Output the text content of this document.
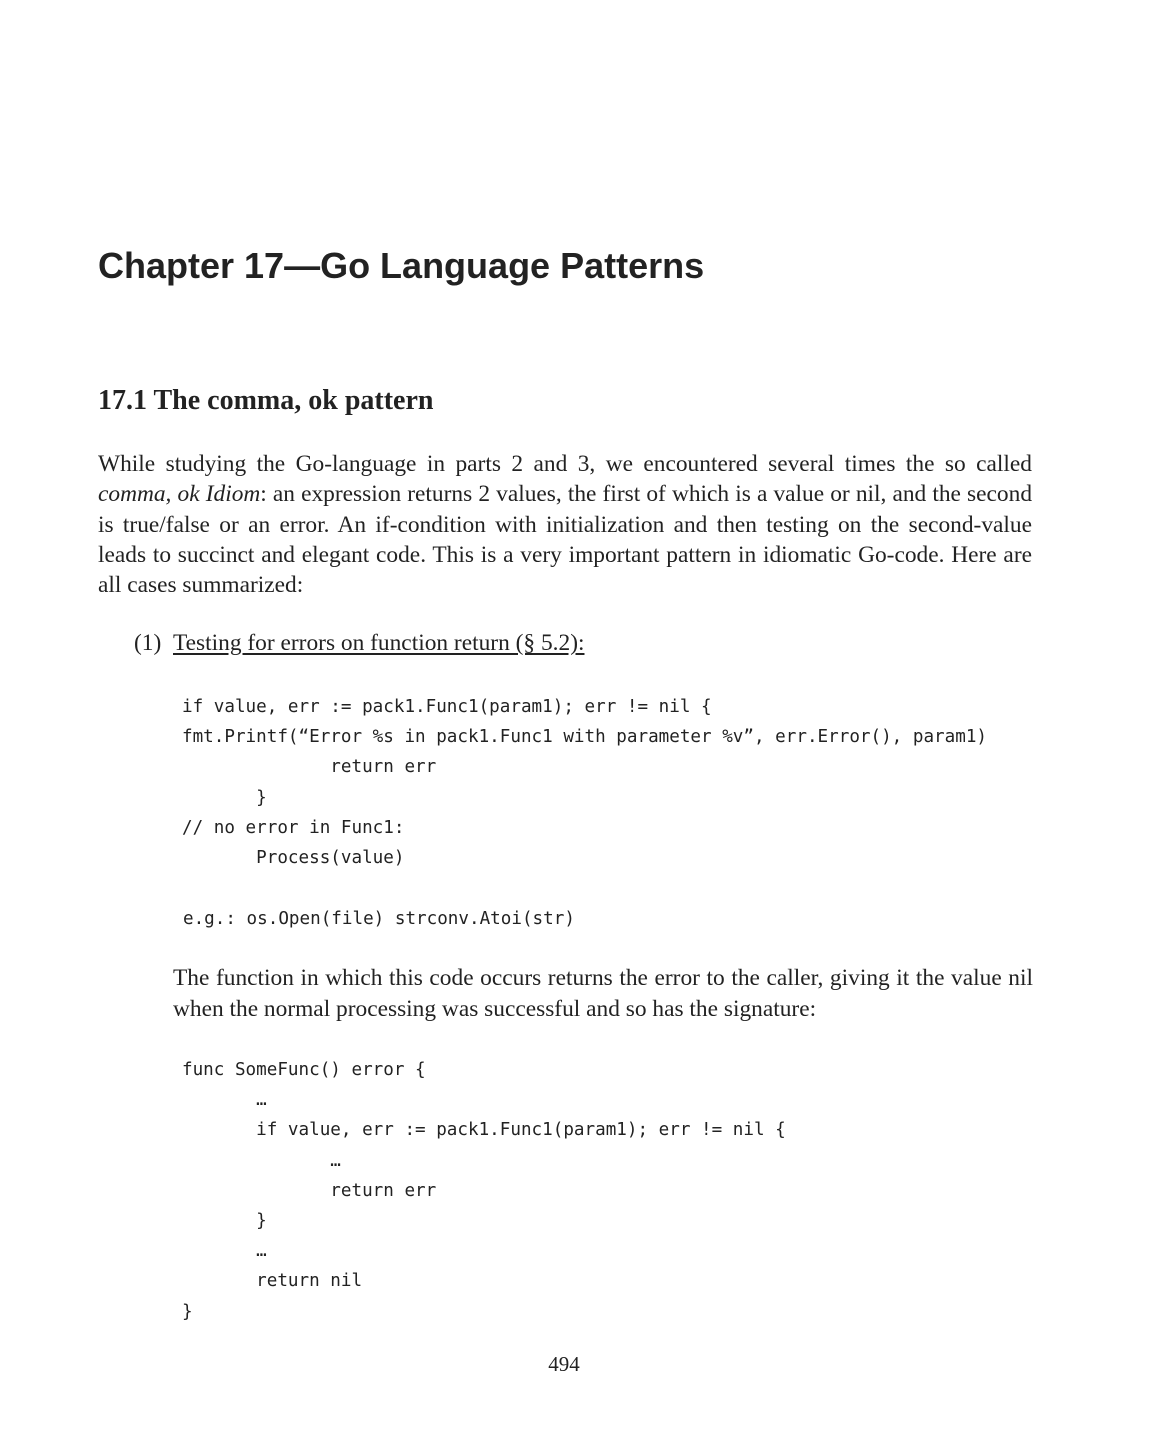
Chapter 17—Go Language Patterns
17.1 The comma, ok pattern

While studying the Go-language in parts 2 and 3, we encountered several times the so called comma, ok Idiom: an expression returns 2 values, the first of which is a value or nil, and the second is true/false or an error. An if-condition with initialization and then testing on the second-value leads to succinct and elegant code. This is a very important pattern in idiomatic Go-code. Here are all cases summarized:

(1) Testing for errors on function return (§ 5.2):

if value, err := pack1.Func1(param1); err != nil {
fmt.Printf(“Error %s in pack1.Func1 with parameter %v”, err.Error(), param1)
return err
}
// no error in Func1:
Process(value)
e.g.: os.Open(file) strconv.Atoi(str)

The function in which this code occurs returns the error to the caller, giving it the value nil when the normal processing was successful and so has the signature:

func SomeFunc() error {
…
if value, err := pack1.Func1(param1); err != nil {
…
return err
}
…
return nil
}

494
